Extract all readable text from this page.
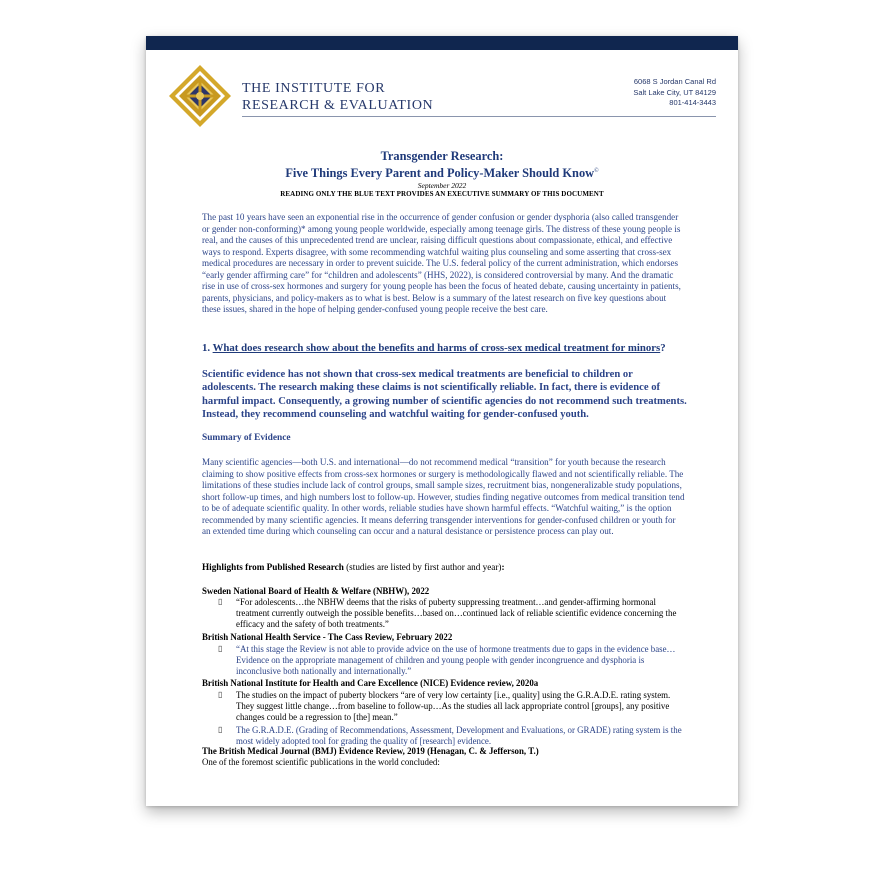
THE INSTITUTE FOR
RESEARCH & EVALUATION
6068 S Jordan Canal Rd
Salt Lake City, UT 84129
801-414-3443
Transgender Research:
Five Things Every Parent and Policy-Maker Should Know©
September 2022
READING ONLY THE BLUE TEXT PROVIDES AN EXECUTIVE SUMMARY OF THIS DOCUMENT
The past 10 years have seen an exponential rise in the occurrence of gender confusion or gender dysphoria (also called transgender or gender non-conforming)* among young people worldwide, especially among teenage girls. The distress of these young people is real, and the causes of this unprecedented trend are unclear, raising difficult questions about compassionate, ethical, and effective ways to respond. Experts disagree, with some recommending watchful waiting plus counseling and some asserting that cross-sex medical procedures are necessary in order to prevent suicide. The U.S. federal policy of the current administration, which endorses “early gender affirming care” for “children and adolescents” (HHS, 2022), is considered controversial by many. And the dramatic rise in use of cross-sex hormones and surgery for young people has been the focus of heated debate, causing uncertainty in patients, parents, physicians, and policy-makers as to what is best. Below is a summary of the latest research on five key questions about these issues, shared in the hope of helping gender-confused young people receive the best care.
1. What does research show about the benefits and harms of cross-sex medical treatment for minors?
Scientific evidence has not shown that cross-sex medical treatments are beneficial to children or adolescents. The research making these claims is not scientifically reliable. In fact, there is evidence of harmful impact. Consequently, a growing number of scientific agencies do not recommend such treatments. Instead, they recommend counseling and watchful waiting for gender-confused youth.
Summary of Evidence
Many scientific agencies—both U.S. and international—do not recommend medical “transition” for youth because the research claiming to show positive effects from cross-sex hormones or surgery is methodologically flawed and not scientifically reliable. The limitations of these studies include lack of control groups, small sample sizes, recruitment bias, nongeneralizable study populations, short follow-up times, and high numbers lost to follow-up. However, studies finding negative outcomes from medical transition tend to be of adequate scientific quality. In other words, reliable studies have shown harmful effects. “Watchful waiting,” is the option recommended by many scientific agencies. It means deferring transgender interventions for gender-confused children or youth for an extended time during which counseling can occur and a natural desistance or persistence process can play out.
Highlights from Published Research (studies are listed by first author and year):
Sweden National Board of Health & Welfare (NBHW), 2022
▯	“For adolescents…the NBHW deems that the risks of puberty suppressing treatment…and gender-affirming hormonal treatment currently outweigh the possible benefits…based on…continued lack of reliable scientific evidence concerning the efficacy and the safety of both treatments.”
British National Health Service - The Cass Review, February 2022
▯	“At this stage the Review is not able to provide advice on the use of hormone treatments due to gaps in the evidence base…Evidence on the appropriate management of children and young people with gender incongruence and dysphoria is inconclusive both nationally and internationally.”
British National Institute for Health and Care Excellence (NICE) Evidence review, 2020a
▯	The studies on the impact of puberty blockers “are of very low certainty [i.e., quality] using the G.R.A.D.E. rating system. They suggest little change…from baseline to follow-up…As the studies all lack appropriate control [groups], any positive changes could be a regression to [the] mean.”
▯	The G.R.A.D.E. (Grading of Recommendations, Assessment, Development and Evaluations, or GRADE) rating system is the most widely adopted tool for grading the quality of [research] evidence.
The British Medical Journal (BMJ) Evidence Review, 2019 (Henagan, C. & Jefferson, T.)
One of the foremost scientific publications in the world concluded:
